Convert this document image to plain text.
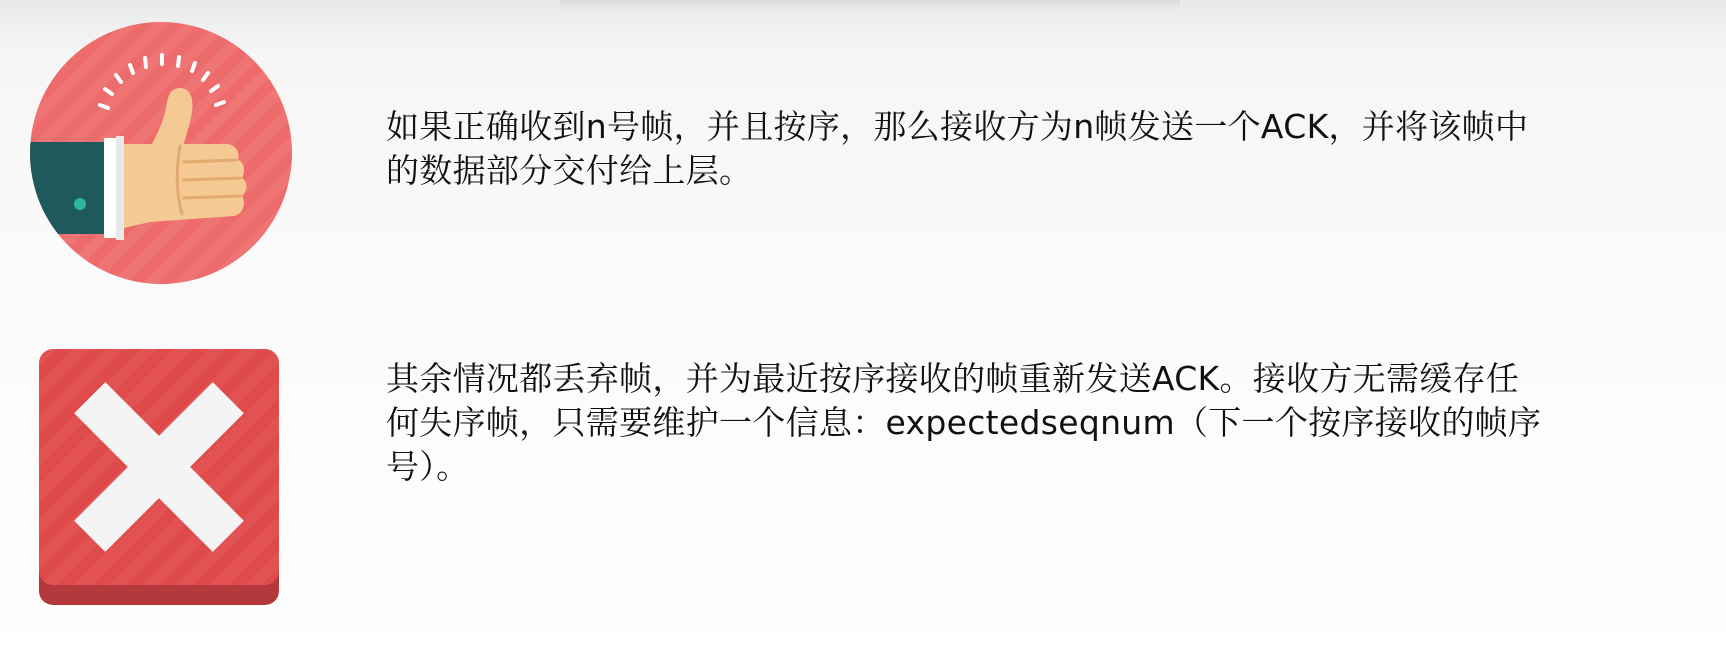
如果正确收到n号帧，并且按序，那么接收方为n帧发送一个ACK，并将该帧中
的数据部分交付给上层。

其余情况都丢弃帧，并为最近按序接收的帧重新发送ACK。接收方无需缓存任
何失序帧，只需要维护一个信息：expectedseqnum（下一个按序接收的帧序
号）。
